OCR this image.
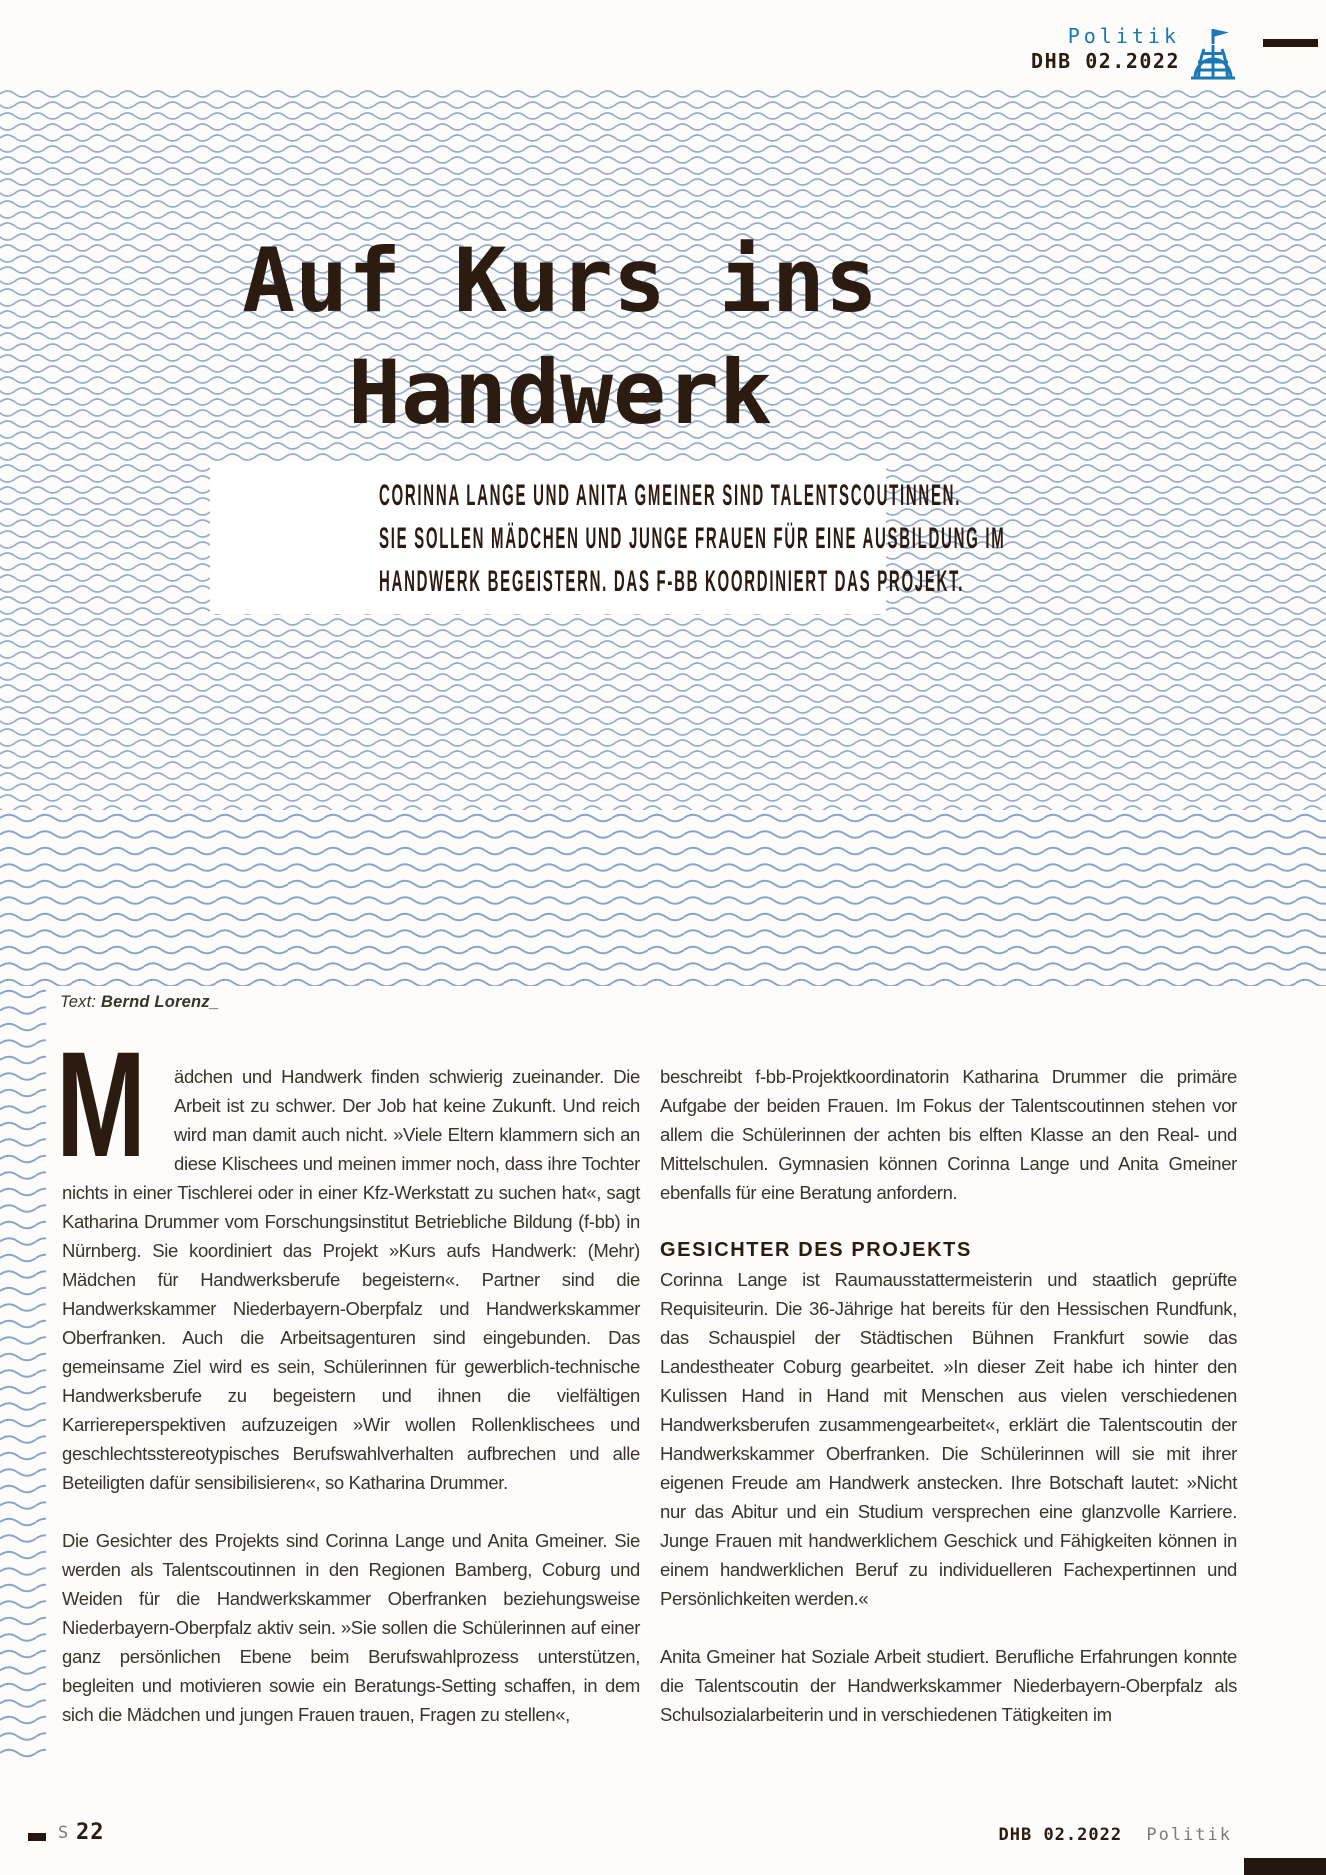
Politik
DHB 02.2022
Auf Kurs ins
Handwerk
CORINNA LANGE UND ANITA GMEINER SIND TALENTSCOUTINNEN.
SIE SOLLEN MÄDCHEN UND JUNGE FRAUEN FÜR EINE AUSBILDUNG IM
HANDWERK BEGEISTERN. DAS F-BB KOORDINIERT DAS PROJEKT.
Text: Bernd Lorenz_
M	ädchen und Handwerk finden schwierig zueinander. Die Arbeit ist zu schwer. Der Job hat keine Zukunft. Und reich wird man damit auch nicht. »Viele Eltern klammern sich an diese Klischees und meinen immer noch, dass ihre Tochter nichts in einer Tischlerei oder in einer Kfz-Werkstatt zu suchen hat«, sagt Katharina Drummer vom Forschungsinstitut Betriebliche Bildung (f-bb) in Nürnberg. Sie koordiniert das Projekt »Kurs aufs Handwerk: (Mehr) Mädchen für Handwerksberufe begeistern«. Partner sind die Handwerkskammer Niederbayern-Oberpfalz und Handwerkskammer Oberfranken. Auch die Arbeitsagenturen sind eingebunden. Das gemeinsame Ziel wird es sein, Schülerinnen für gewerblich-technische Handwerksberufe zu begeistern und ihnen die vielfältigen Karriereperspektiven aufzuzeigen »Wir wollen Rollenklischees und geschlechtsstereotypisches Berufswahlverhalten aufbrechen und alle Beteiligten dafür sensibilisieren«, so Katharina Drummer.

Die Gesichter des Projekts sind Corinna Lange und Anita Gmeiner. Sie werden als Talentscoutinnen in den Regionen Bamberg, Coburg und Weiden für die Handwerkskammer Oberfranken beziehungsweise Niederbayern-Oberpfalz aktiv sein. »Sie sollen die Schülerinnen auf einer ganz persönlichen Ebene beim Berufswahlprozess unterstützen, begleiten und motivieren sowie ein Beratungs-Setting schaffen, in dem sich die Mädchen und jungen Frauen trauen, Fragen zu stellen«,

beschreibt f-bb-Projektkoordinatorin Katharina Drummer die primäre Aufgabe der beiden Frauen. Im Fokus der Talentscoutinnen stehen vor allem die Schülerinnen der achten bis elften Klasse an den Real- und Mittelschulen. Gymnasien können Corinna Lange und Anita Gmeiner ebenfalls für eine Beratung anfordern.

GESICHTER DES PROJEKTS

Corinna Lange ist Raumausstattermeisterin und staatlich geprüfte Requisiteurin. Die 36-Jährige hat bereits für den Hessischen Rundfunk, das Schauspiel der Städtischen Bühnen Frankfurt sowie das Landestheater Coburg gearbeitet. »In dieser Zeit habe ich hinter den Kulissen Hand in Hand mit Menschen aus vielen verschiedenen Handwerksberufen zusammengearbeitet«, erklärt die Talentscoutin der Handwerkskammer Oberfranken. Die Schülerinnen will sie mit ihrer eigenen Freude am Handwerk anstecken. Ihre Botschaft lautet: »Nicht nur das Abitur und ein Studium versprechen eine glanzvolle Karriere. Junge Frauen mit handwerklichem Geschick und Fähigkeiten können in einem handwerklichen Beruf zu individuelleren Fachexpertinnen und Persönlichkeiten werden.«

Anita Gmeiner hat Soziale Arbeit studiert. Berufliche Erfahrungen konnte die Talentscoutin der Handwerkskammer Niederbayern-Oberpfalz als Schulsozialarbeiterin und in verschiedenen Tätigkeiten im

S 22	DHB 02.2022 Politik
